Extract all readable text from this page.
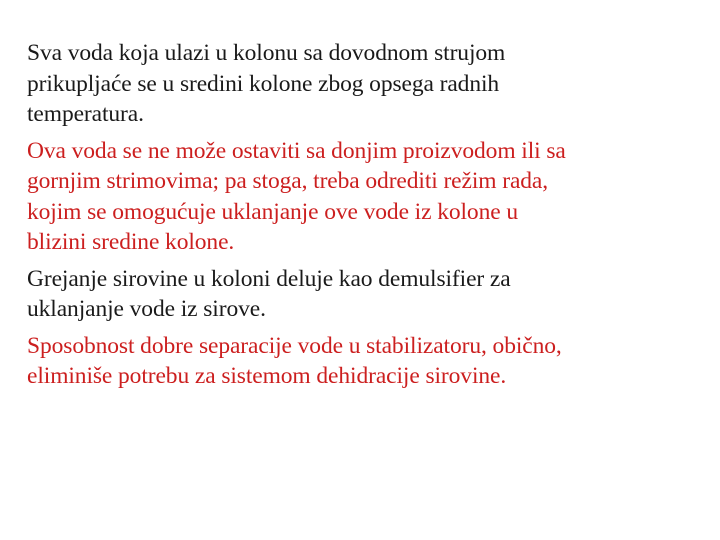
Sva voda koja ulazi u kolonu sa dovodnom strujom
prikupljaće se u sredini kolone zbog opsega radnih
temperatura.

Ova voda se ne može ostaviti sa donjim proizvodom ili sa
gornjim strimovima; pa stoga, treba odrediti režim rada,
kojim se omogućuje uklanjanje ove vode iz kolone u
blizini sredine kolone.

Grejanje sirovine u koloni deluje kao demulsifier za
uklanjanje vode iz sirove.

Sposobnost dobre separacije vode u stabilizatoru, obično,
eliminiše potrebu za sistemom dehidracije sirovine.
